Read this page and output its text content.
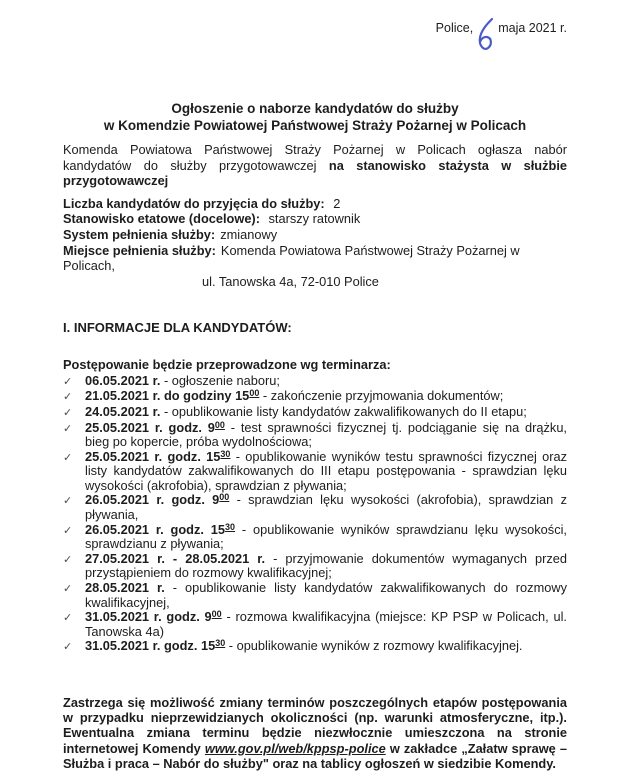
Police, maja 2021 r.
Ogłoszenie o naborze kandydatów do służby
w Komendzie Powiatowej Państwowej Straży Pożarnej w Policach

Komenda Powiatowa Państwowej Straży Pożarnej w Policach ogłasza nabór kandydatów do służby przygotowawczej na stanowisko stażysta w służbie przygotowawczej

Liczba kandydatów do przyjęcia do służby: 2
Stanowisko etatowe (docelowe): starszy ratownik
System pełnienia służby: zmianowy
Miejsce pełnienia służby: Komenda Powiatowa Państwowej Straży Pożarnej w Policach,
ul. Tanowska 4a, 72-010 Police
I. INFORMACJE DLA KANDYDATÓW:
Postępowanie będzie przeprowadzone wg terminarza:
✓ 06.05.2021 r. - ogłoszenie naboru;
✓ 21.05.2021 r. do godziny $15^{00}$ - zakończenie przyjmowania dokumentów;
✓ 24.05.2021 r. - opublikowanie listy kandydatów zakwalifikowanych do II etapu;
✓ 25.05.2021 r. godz. $9^{00}$ - test sprawności fizycznej tj. podciąganie się na drążku, bieg po kopercie, próba wydolnościowa;
✓ 25.05.2021 r. godz. $15^{30}$ - opublikowanie wyników testu sprawności fizycznej oraz listy kandydatów zakwalifikowanych do III etapu postępowania - sprawdzian lęku wysokości (akrofobia), sprawdzian z pływania;
✓ 26.05.2021 r. godz. $9^{00}$ - sprawdzian lęku wysokości (akrofobia), sprawdzian z pływania,
✓ 26.05.2021 r. godz. $15^{30}$ - opublikowanie wyników sprawdzianu lęku wysokości, sprawdzianu z pływania;
✓ 27.05.2021 r. - 28.05.2021 r. - przyjmowanie dokumentów wymaganych przed przystąpieniem do rozmowy kwalifikacyjnej;
✓ 28.05.2021 r. - opublikowanie listy kandydatów zakwalifikowanych do rozmowy kwalifikacyjnej,
✓ 31.05.2021 r. godz. $9^{00}$ - rozmowa kwalifikacyjna (miejsce: KP PSP w Policach, ul. Tanowska 4a)
✓ 31.05.2021 r. godz. $15^{30}$ - opublikowanie wyników z rozmowy kwalifikacyjnej.

Zastrzega się możliwość zmiany terminów poszczególnych etapów postępowania w przypadku nieprzewidzianych okoliczności (np. warunki atmosferyczne, itp.). Ewentualna zmiana terminu będzie niezwłocznie umieszczona na stronie internetowej Komendy www.gov.pl/web/kppsp-police w zakładce „Załatw sprawę – Służba i praca – Nabór do służby" oraz na tablicy ogłoszeń w siedzibie Komendy.
